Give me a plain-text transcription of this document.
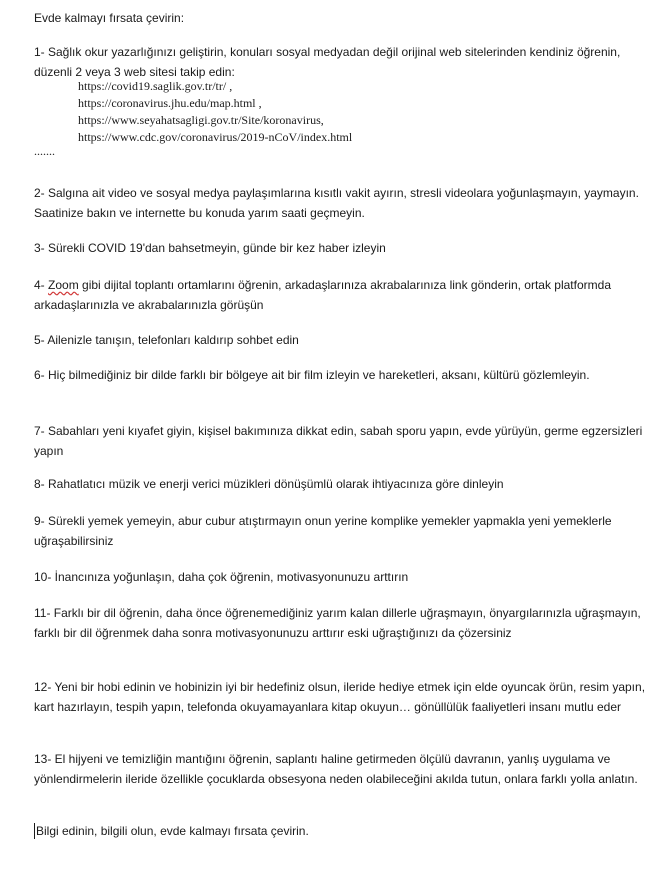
Evde kalmayı fırsata çevirin:

1- Sağlık okur yazarlığınızı geliştirin, konuları sosyal medyadan değil orijinal web sitelerinden kendiniz öğrenin, düzenli 2 veya 3 web sitesi takip edin:

https://covid19.saglik.gov.tr/tr/ ,
https://coronavirus.jhu.edu/map.html ,
https://www.seyahatsagligi.gov.tr/Site/koronavirus,
https://www.cdc.gov/coronavirus/2019-nCoV/index.html
.......

2- Salgına ait video ve sosyal medya paylaşımlarına kısıtlı vakit ayırın, stresli videolara yoğunlaşmayın, yaymayın. Saatinize bakın ve internette bu konuda yarım saati geçmeyin.

3- Sürekli COVID 19'dan bahsetmeyin, günde bir kez haber izleyin

4- Zoom gibi dijital toplantı ortamlarını öğrenin, arkadaşlarınıza akrabalarınıza link gönderin, ortak platformda arkadaşlarınızla ve akrabalarınızla görüşün

5- Ailenizle tanışın, telefonları kaldırıp sohbet edin

6- Hiç bilmediğiniz bir dilde farklı bir bölgeye ait bir film izleyin ve hareketleri, aksanı, kültürü gözlemleyin.

7- Sabahları yeni kıyafet giyin, kişisel bakımınıza dikkat edin, sabah sporu yapın, evde yürüyün, germe egzersizleri yapın

8- Rahatlatıcı müzik ve enerji verici müzikleri dönüşümlü olarak ihtiyacınıza göre dinleyin

9- Sürekli yemek yemeyin, abur cubur atıştırmayın onun yerine komplike yemekler yapmakla yeni yemeklerle uğraşabilirsiniz

10- İnancınıza yoğunlaşın, daha çok öğrenin, motivasyonunuzu arttırın

11- Farklı bir dil öğrenin, daha önce öğrenemediğiniz yarım kalan dillerle uğraşmayın, önyargılarınızla uğraşmayın, farklı bir dil öğrenmek daha sonra motivasyonunuzu arttırır eski uğraştığınızı da çözersiniz

12- Yeni bir hobi edinin ve hobinizin iyi bir hedefiniz olsun, ileride hediye etmek için elde oyuncak örün, resim yapın, kart hazırlayın, tespih yapın, telefonda okuyamayanlara kitap okuyun… gönüllülük faaliyetleri insanı mutlu eder

13- El hijyeni ve temizliğin mantığını öğrenin, saplantı haline getirmeden ölçülü davranın, yanlış uygulama ve yönlendirmelerin ileride özellikle çocuklarda obsesyona neden olabileceğini akılda tutun, onlara farklı yolla anlatın.

Bilgi edinin, bilgili olun, evde kalmayı fırsata çevirin.
